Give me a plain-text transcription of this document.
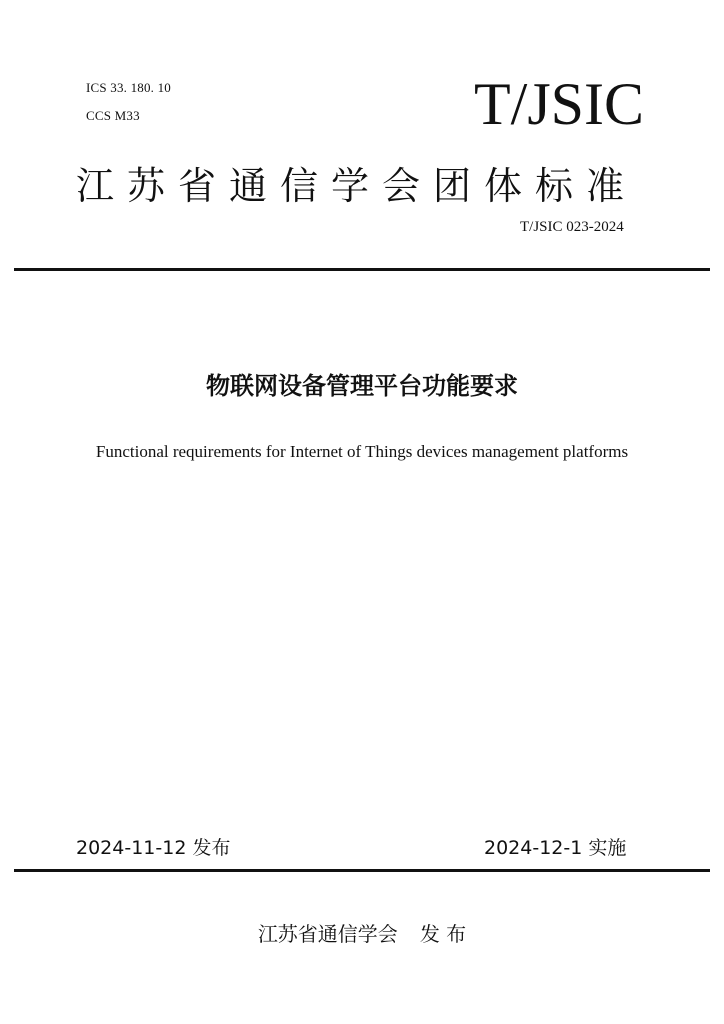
ICS 33. 180. 10
CCS M33	T/JSIC
江苏省通信学会团体标准
T/JSIC 023-2024
物联网设备管理平台功能要求
Functional requirements for Internet of Things devices management platforms
2024-11-12 发布	2024-12-1 实施
江苏省通信学会 发 布
